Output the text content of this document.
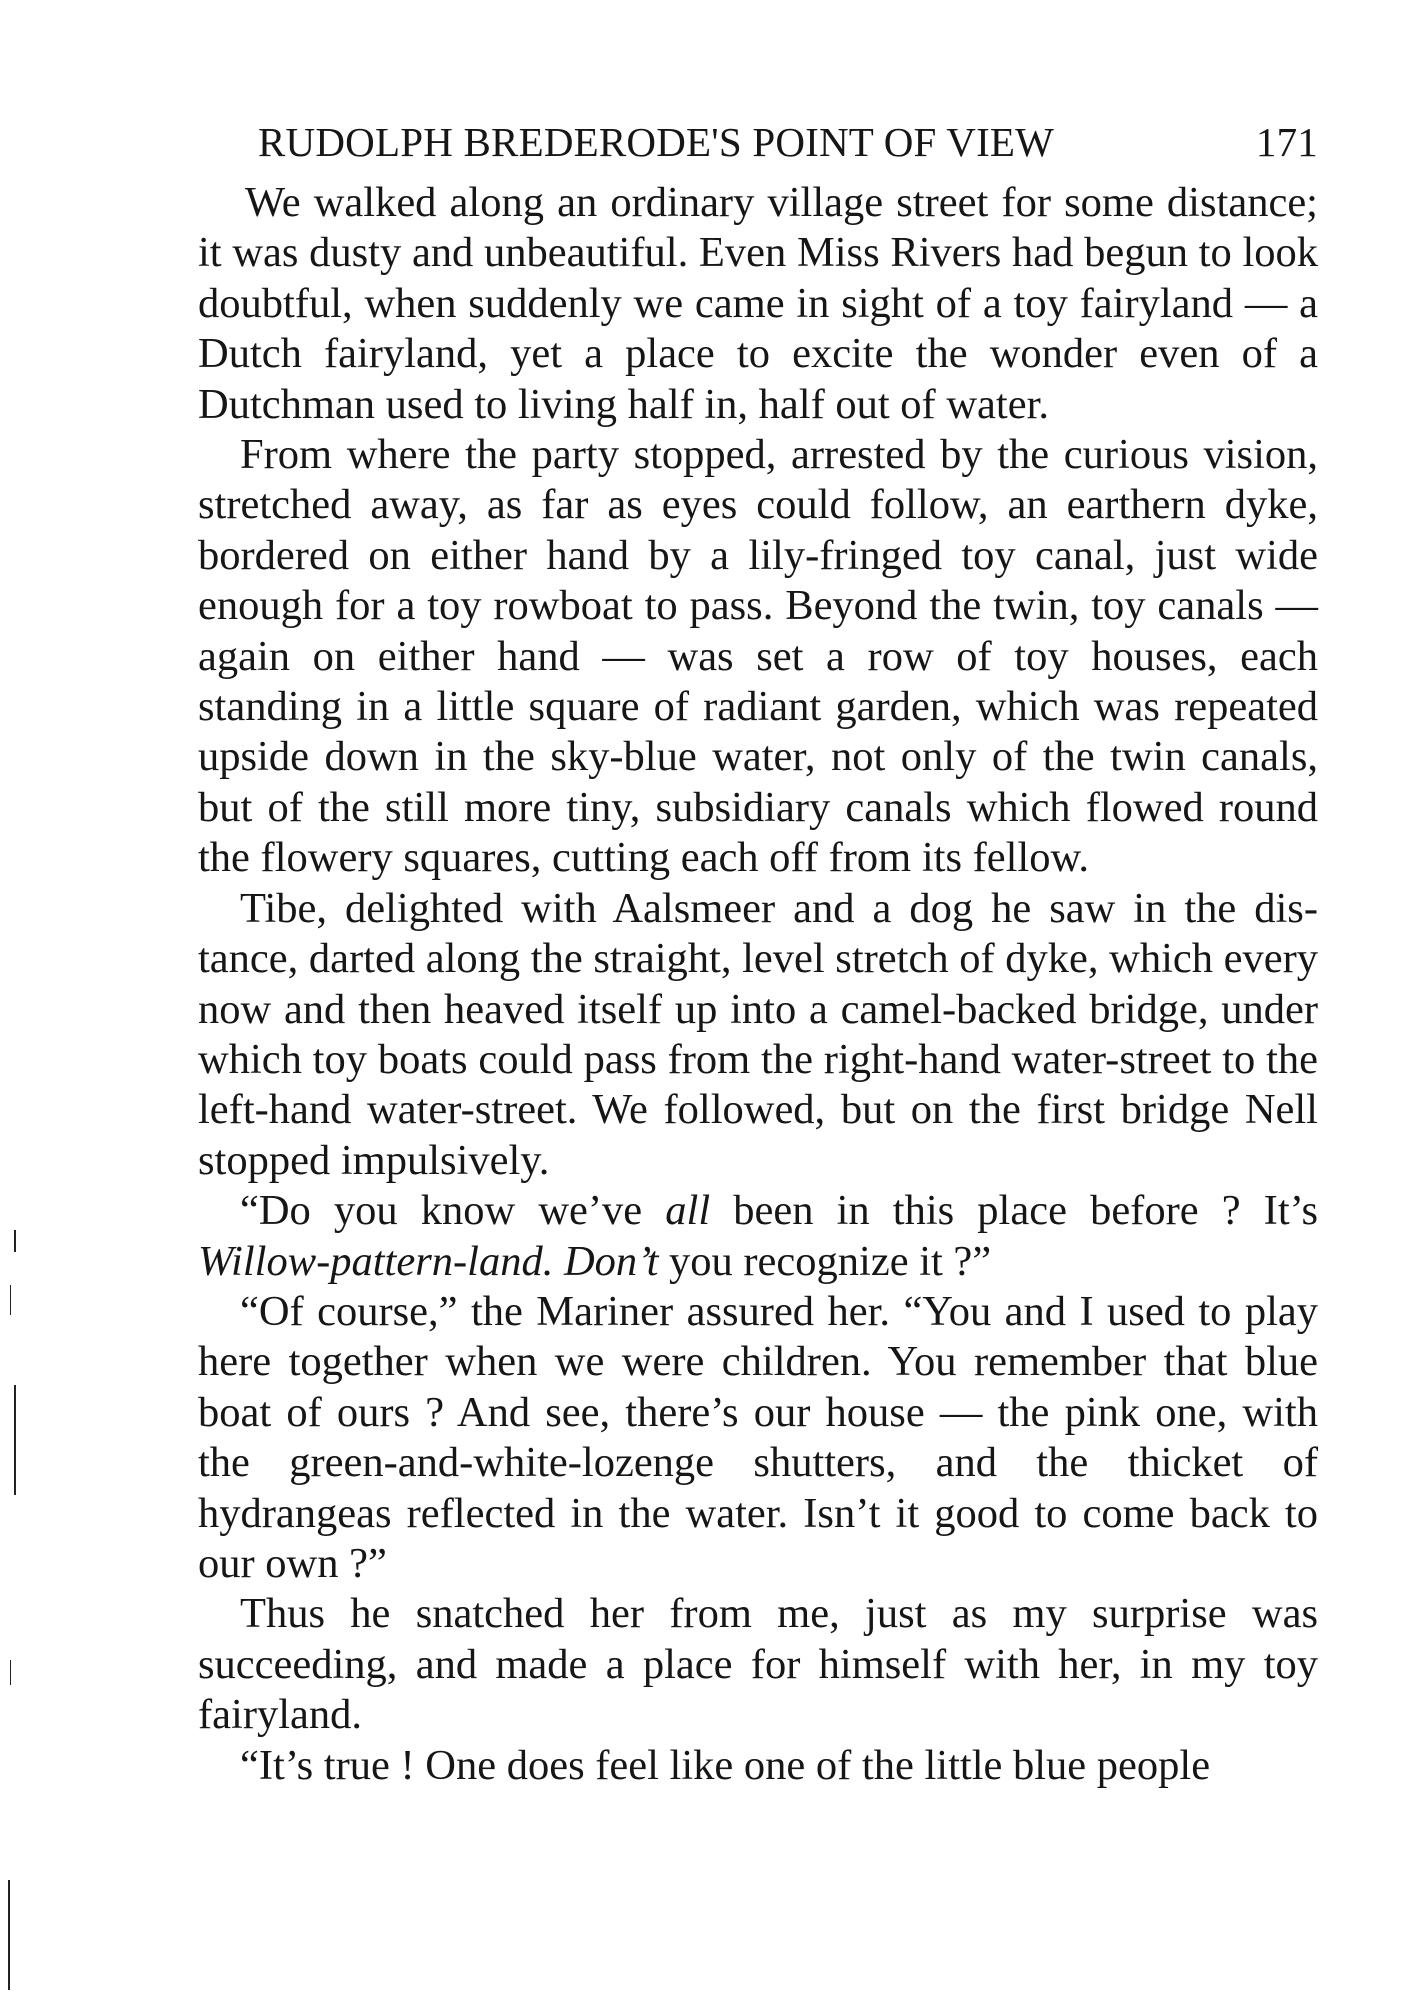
RUDOLPH BREDERODE'S POINT OF VIEW	171

We walked along an ordinary village street for some distance; it was dusty and unbeautiful. Even Miss Rivers had begun to look doubtful, when suddenly we came in sight of a toy fairyland — a Dutch fairyland, yet a place to excite the wonder even of a Dutchman used to living half in, half out of water.

From where the party stopped, arrested by the curious vision, stretched away, as far as eyes could follow, an earthern dyke, bordered on either hand by a lily-fringed toy canal, just wide enough for a toy rowboat to pass. Beyond the twin, toy canals — again on either hand — was set a row of toy houses, each standing in a little square of radiant garden, which was repeated upside down in the sky-blue water, not only of the twin canals, but of the still more tiny, subsidiary canals which flowed round the flowery squares, cutting each off from its fellow.

Tibe, delighted with Aalsmeer and a dog he saw in the distance, darted along the straight, level stretch of dyke, which every now and then heaved itself up into a camel-backed bridge, under which toy boats could pass from the right-hand water-street to the left-hand water-street. We followed, but on the first bridge Nell stopped impulsively.

“Do you know we’ve all been in this place before ? It’s Willow-pattern-land. Don’t you recognize it ?”

“Of course,” the Mariner assured her. “You and I used to play here together when we were children. You remember that blue boat of ours ? And see, there’s our house — the pink one, with the green-and-white-lozenge shutters, and the thicket of hydrangeas reflected in the water. Isn’t it good to come back to our own ?”

Thus he snatched her from me, just as my surprise was succeeding, and made a place for himself with her, in my toy fairyland.

“It’s true ! One does feel like one of the little blue people
